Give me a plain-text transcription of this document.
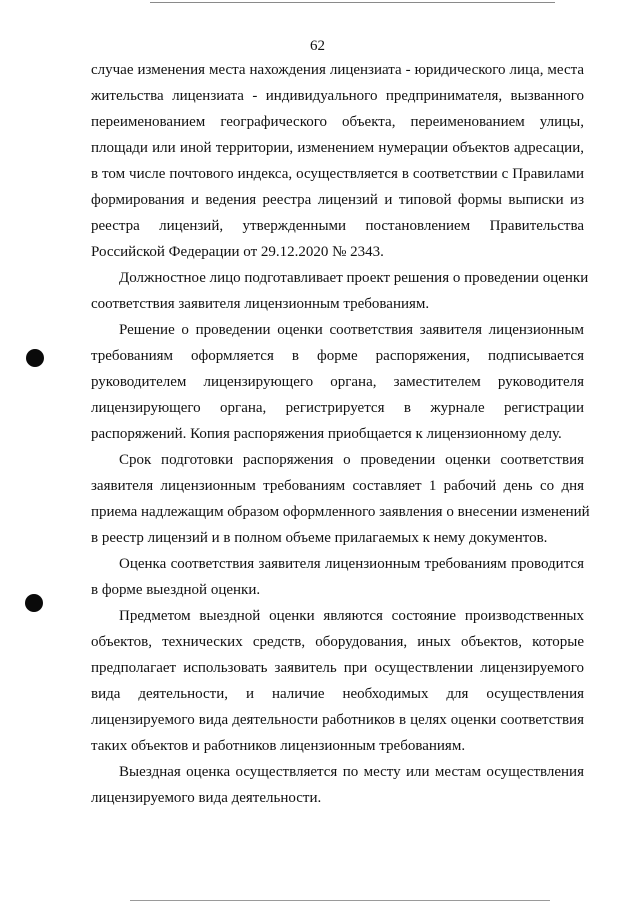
62
случае изменения места нахождения лицензиата - юридического лица, места
жительства лицензиата - индивидуального предпринимателя, вызванного
переименованием географического объекта, переименованием улицы,
площади или иной территории, изменением нумерации объектов адресации,
в том числе почтового индекса, осуществляется в соответствии с Правилами
формирования и ведения реестра лицензий и типовой формы выписки из
реестра лицензий, утвержденными постановлением Правительства
Российской Федерации от 29.12.2020 № 2343.
Должностное лицо подготавливает проект решения о проведении оценки
соответствия заявителя лицензионным требованиям.
Решение о проведении оценки соответствия заявителя лицензионным
требованиям оформляется в форме распоряжения, подписывается
руководителем лицензирующего органа, заместителем руководителя
лицензирующего органа, регистрируется в журнале регистрации
распоряжений. Копия распоряжения приобщается к лицензионному делу.
Срок подготовки распоряжения о проведении оценки соответствия
заявителя лицензионным требованиям составляет 1 рабочий день со дня
приема надлежащим образом оформленного заявления о внесении изменений
в реестр лицензий и в полном объеме прилагаемых к нему документов.
Оценка соответствия заявителя лицензионным требованиям проводится
в форме выездной оценки.
Предметом выездной оценки являются состояние производственных
объектов, технических средств, оборудования, иных объектов, которые
предполагает использовать заявитель при осуществлении лицензируемого
вида деятельности, и наличие необходимых для осуществления
лицензируемого вида деятельности работников в целях оценки соответствия
таких объектов и работников лицензионным требованиям.
Выездная оценка осуществляется по месту или местам осуществления
лицензируемого вида деятельности.
